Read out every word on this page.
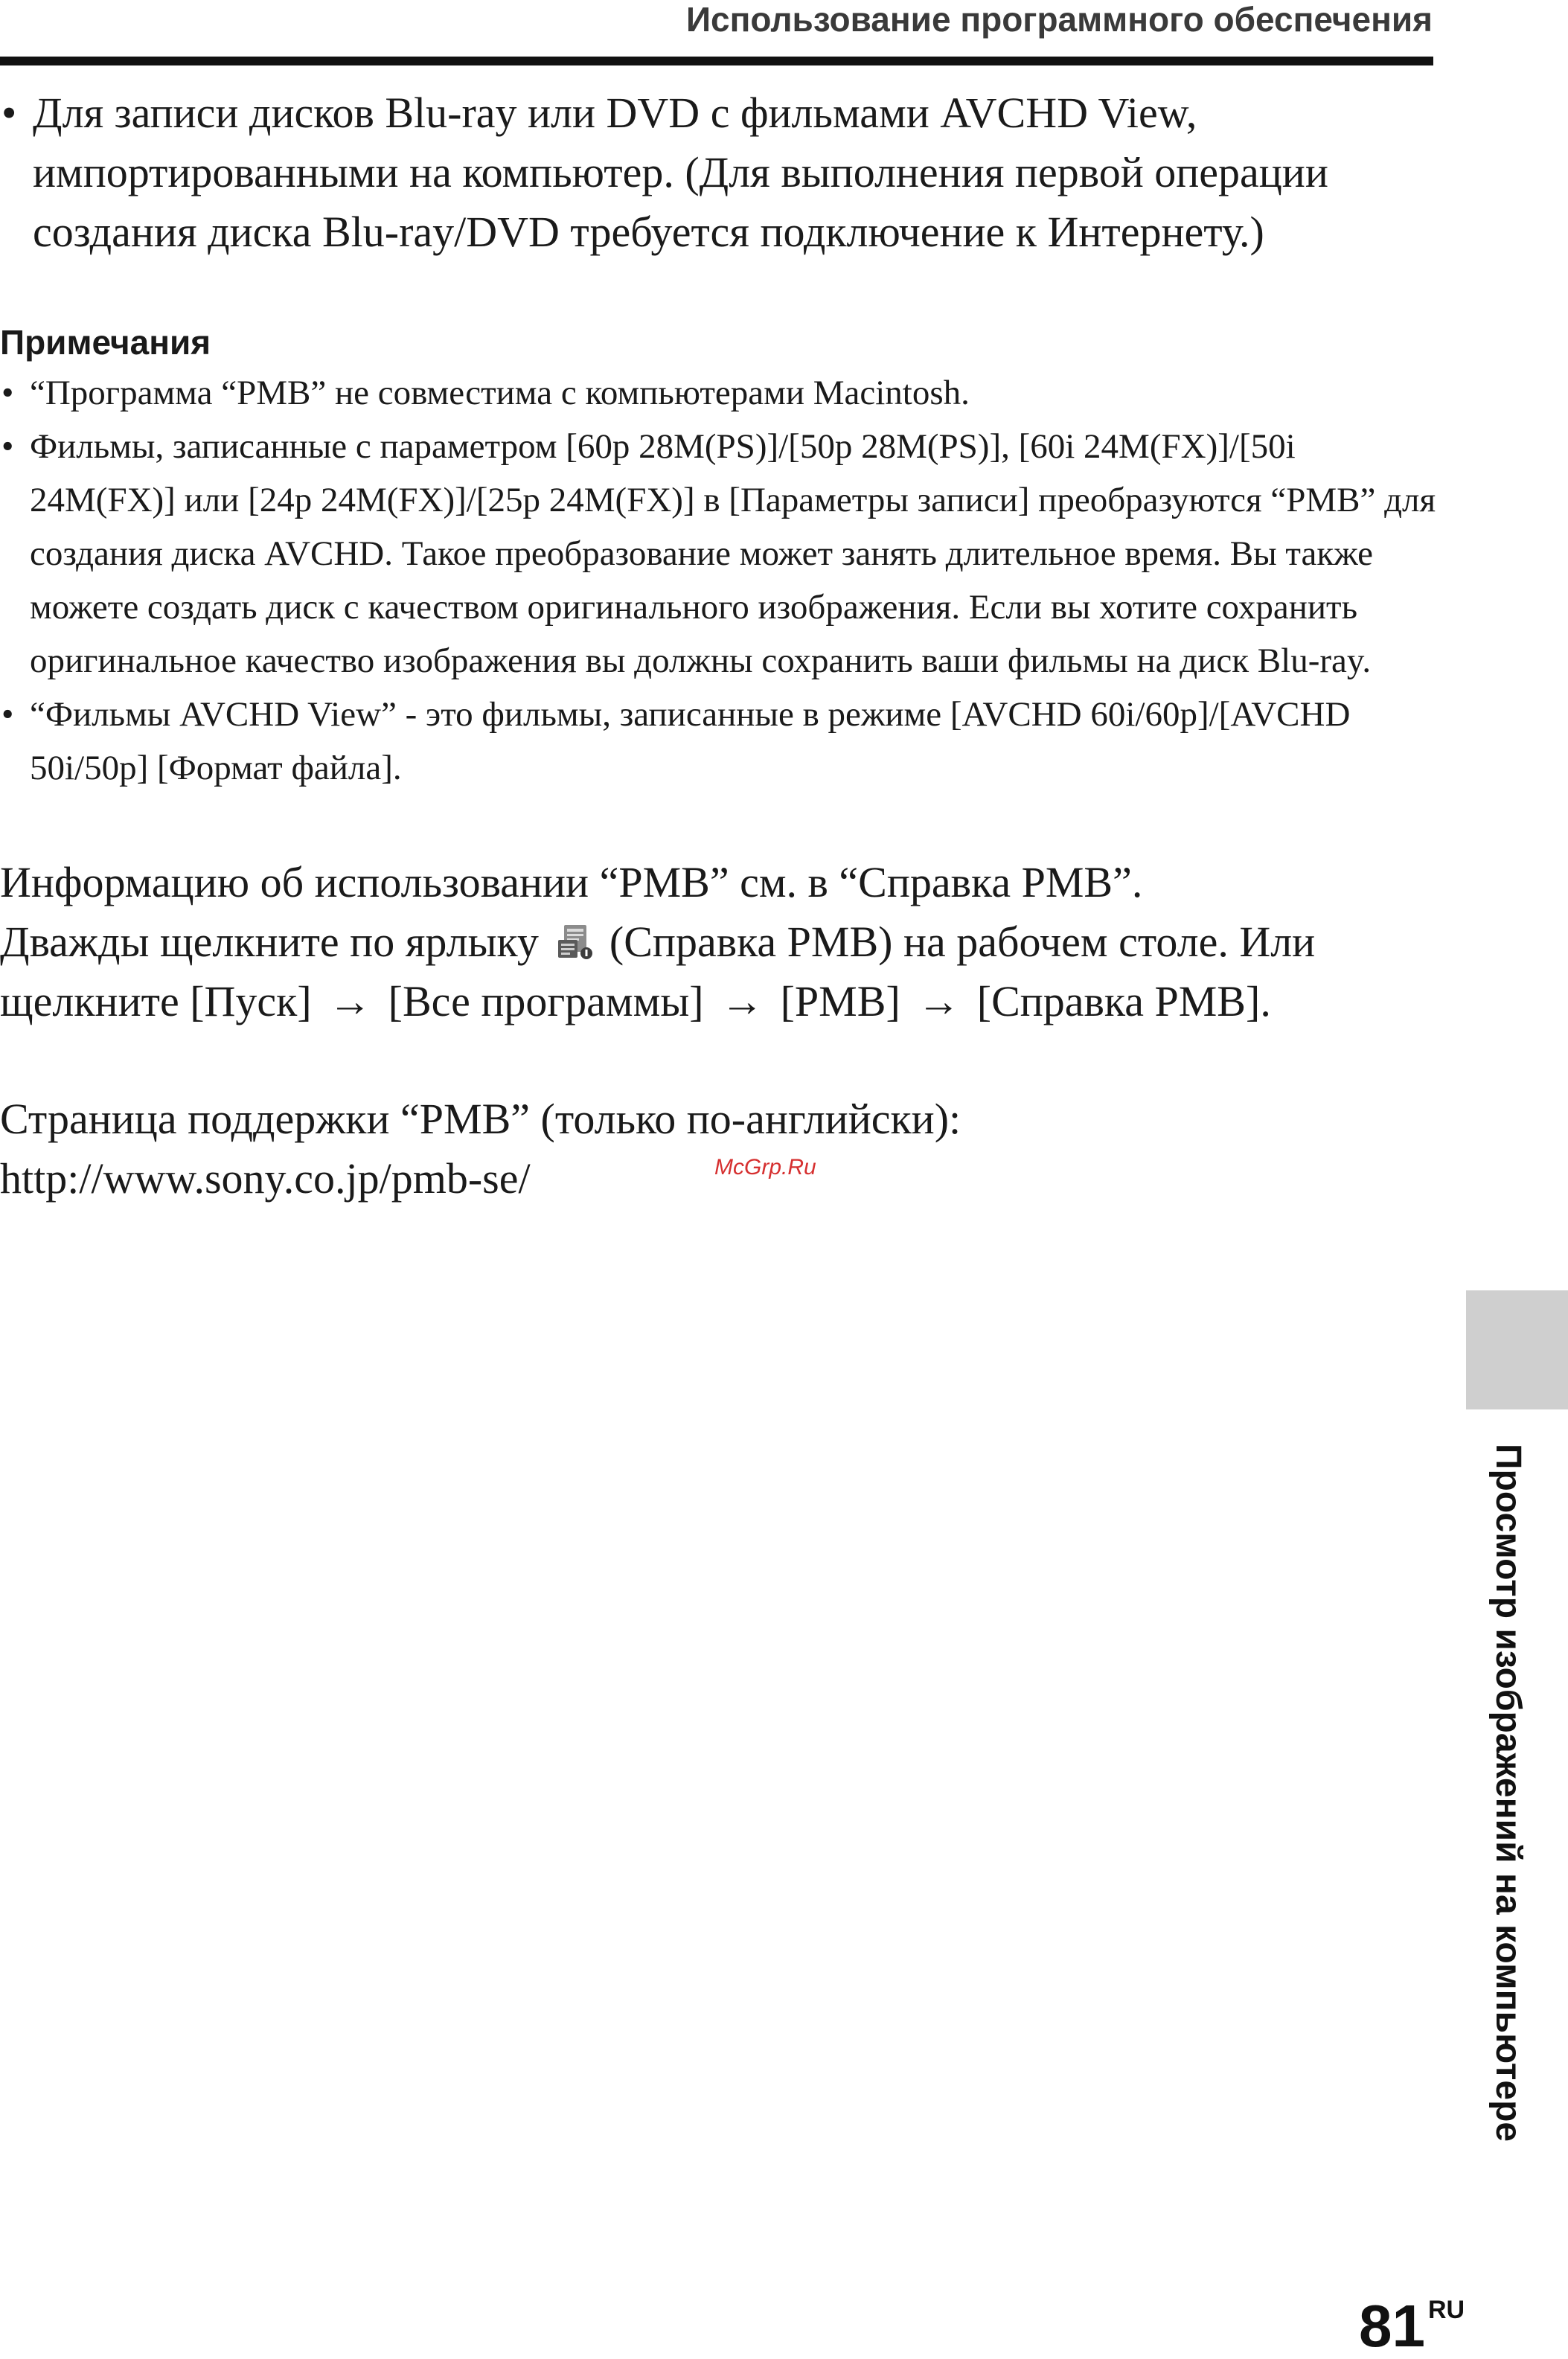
Использование программного обеспечения

• Для записи дисков Blu-ray или DVD с фильмами AVCHD View, импортированными на компьютер. (Для выполнения первой операции создания диска Blu-ray/DVD требуется подключение к Интернету.)

Примечания
• “Программа “PMB” не совместима с компьютерами Macintosh.
• Фильмы, записанные с параметром [60p 28M(PS)]/[50p 28M(PS)], [60i 24M(FX)]/[50i 24M(FX)] или [24p 24M(FX)]/[25p 24M(FX)] в [Параметры записи] преобразуются “PMB” для создания диска AVCHD. Такое преобразование может занять длительное время. Вы также можете создать диск с качеством оригинального изображения. Если вы хотите сохранить оригинальное качество изображения вы должны сохранить ваши фильмы на диск Blu-ray.
• “Фильмы AVCHD View” - это фильмы, записанные в режиме [AVCHD 60i/60p]/[AVCHD 50i/50p] [Формат файла].

Информацию об использовании “PMB” см. в “Справка PMB”.
Дважды щелкните по ярлыку (Справка PMB) на рабочем столе. Или щелкните [Пуск] → [Все программы] → [PMB] → [Справка PMB].

Страница поддержки “PMB” (только по-английски):
http://www.sony.co.jp/pmb-se/	McGrp.Ru
Просмотр изображений на компьютере
81 $^{RU}$
